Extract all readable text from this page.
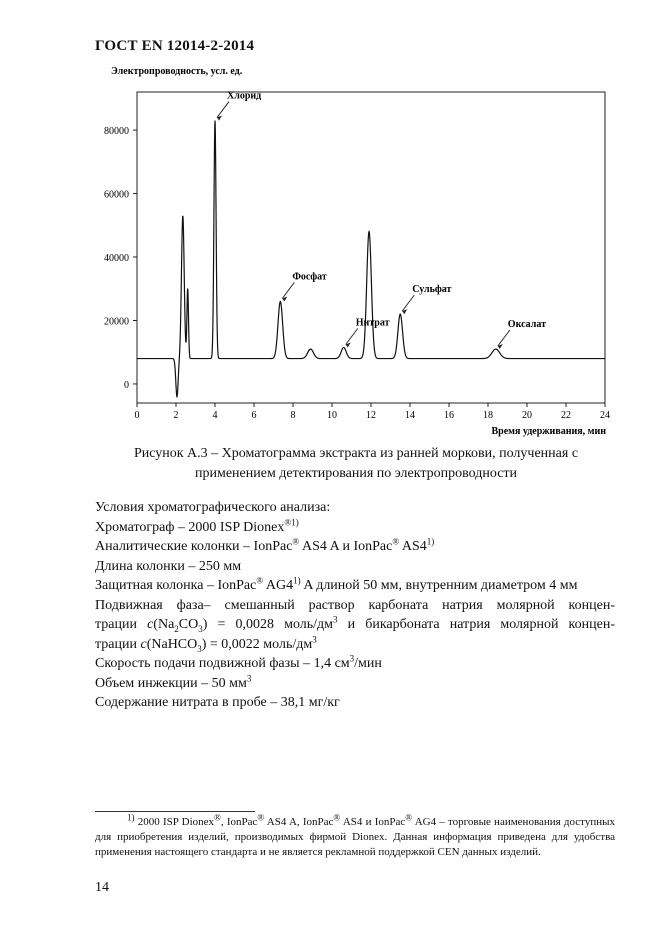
ГОСТ EN 12014-2-2014
0	2	4	6	8	10	12	14	16	18	20	22	24
0
20000
40000
60000
80000
Хлорид
Фосфат
Нитрат
Сульфат
Оксалат
Электропроводность, усл. ед.
Время удерживания, мин
Рисунок А.3 – Хроматограмма экстракта из ранней моркови, полученная с
применением детектирования по электропроводности

Условия хроматографического анализа:

Хроматограф – 2000 ISP Dionex$^{®1)}$

Аналитические колонки – IonPac® AS4 A и IonPac® AS4$^{1)}$

Длина колонки – 250 мм

Защитная колонка – IonPac® AG4$^{1)}$ A длиной 50 мм, внутренним диаметром 4 мм

Подвижная фаза– смешанный раствор карбоната натрия молярной концен-

трации $c(Na_2CO_3) = 0,0028$ моль/$дм^3$ и бикарбоната натрия молярной концен-

трации c(NaHCO$_3$) = 0,0022 моль/$дм^3$

Скорость подачи подвижной фазы – 1,4 $см^3$/мин

Объем инжекции – 50 $мм^3$

Содержание нитрата в пробе – 38,1 мг/кг

$^{1)}$ 2000 ISP Dionex®, IonPac® AS4 A, IonPac® AS4 и IonPac® AG4 – торговые наименования доступных для приобретения изделий, производимых фирмой Dionex. Данная информация приведена для удобства применения настоящего стандарта и не является рекламной поддержкой CEN данных изделий.
14
